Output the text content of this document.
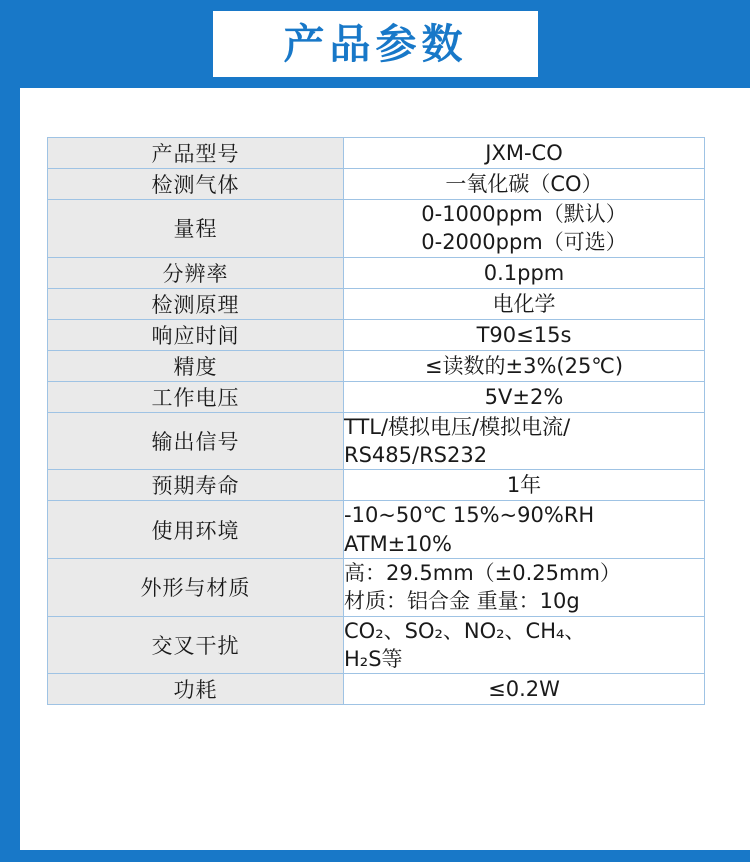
产品参数
产品型号	JXM-CO

检测气体	一氧化碳（CO）

量程	0-1000ppm（默认）
0-2000ppm（可选）

分辨率	0.1ppm

检测原理	电化学

响应时间	T90≤15s

精度	≤读数的±3%(25℃)

工作电压	5V±2%

输出信号	TTL/模拟电压/模拟电流/
RS485/RS232

预期寿命	1年

使用环境	-10~50℃ 15%~90%RH
ATM±10%

外形与材质	高：29.5mm（±0.25mm）
材质：铝合金 重量：10g

交叉干扰	CO₂、SO₂、NO₂、CH₄、
H₂S等

功耗	≤0.2W
